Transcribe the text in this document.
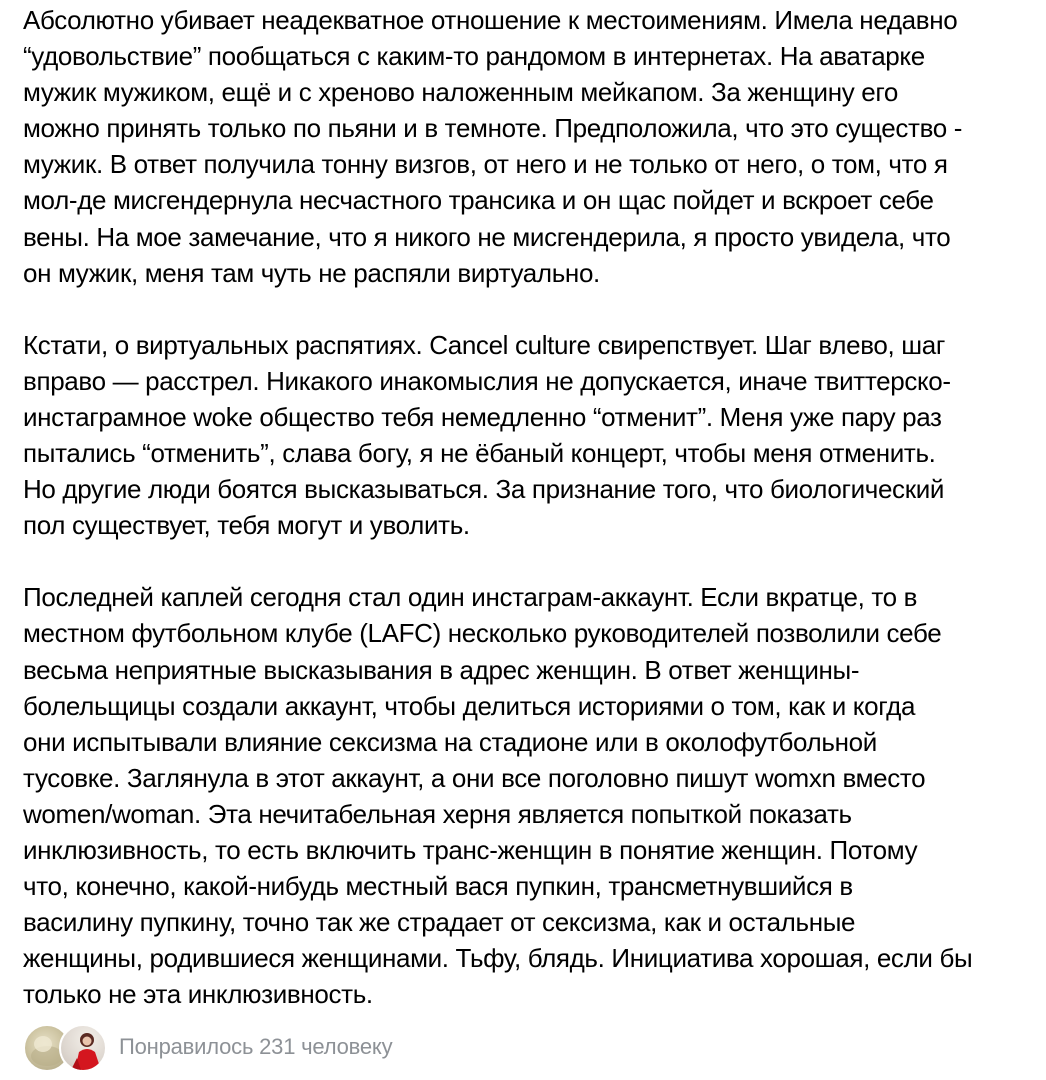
Абсолютно убивает неадекватное отношение к местоимениям. Имела недавно
“удовольствие” пообщаться с каким-то рандомом в интернетах. На аватарке
мужик мужиком, ещё и с хреново наложенным мейкапом. За женщину его
можно принять только по пьяни и в темноте. Предположила, что это существо -
мужик. В ответ получила тонну визгов, от него и не только от него, о том, что я
мол-де мисгендернула несчастного трансика и он щас пойдет и вскроет себе
вены. На мое замечание, что я никого не мисгендерила, я просто увидела, что
он мужик, меня там чуть не распяли виртуально.

Кстати, о виртуальных распятиях. Cancel culture свирепствует. Шаг влево, шаг
вправо — расстрел. Никакого инакомыслия не допускается, иначе твиттерско-
инстаграмное woke общество тебя немедленно “отменит”. Меня уже пару раз
пытались “отменить”, слава богу, я не ёбаный концерт, чтобы меня отменить.
Но другие люди боятся высказываться. За признание того, что биологический
пол существует, тебя могут и уволить.

Последней каплей сегодня стал один инстаграм-аккаунт. Если вкратце, то в
местном футбольном клубе (LAFC) несколько руководителей позволили себе
весьма неприятные высказывания в адрес женщин. В ответ женщины-
болельщицы создали аккаунт, чтобы делиться историями о том, как и когда
они испытывали влияние сексизма на стадионе или в околофутбольной
тусовке. Заглянула в этот аккаунт, а они все поголовно пишут womxn вместо
women/woman. Эта нечитабельная херня является попыткой показать
инклюзивность, то есть включить транс-женщин в понятие женщин. Потому
что, конечно, какой-нибудь местный вася пупкин, трансметнувшийся в
василину пупкину, точно так же страдает от сексизма, как и остальные
женщины, родившиеся женщинами. Тьфу, блядь. Инициатива хорошая, если бы
только не эта инклюзивность.

Понравилось 231 человеку
